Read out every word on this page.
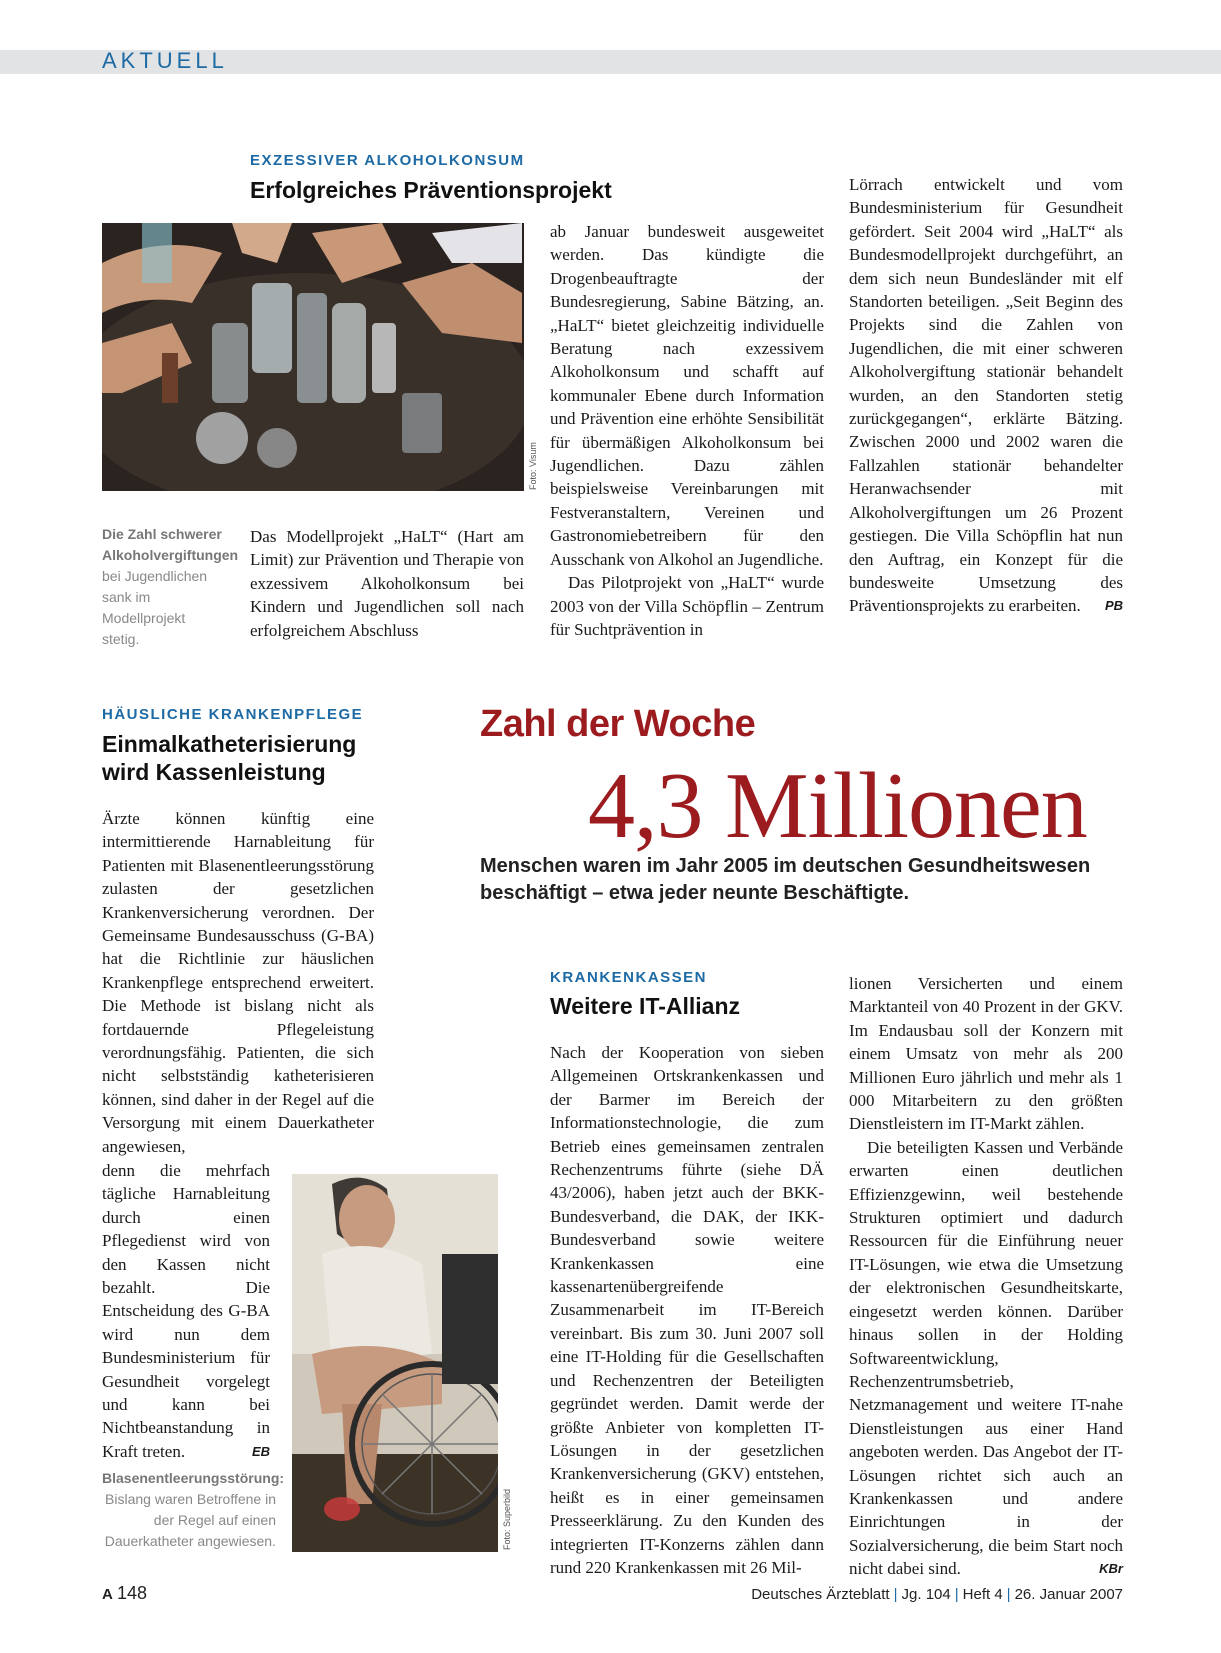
AKTUELL
EXZESSIVER ALKOHOLKONSUM
Erfolgreiches Präventionsprojekt
Foto: Visum
Die Zahl schwerer Alkoholvergiftungen bei Jugendlichen sank im Modellprojekt stetig.

Das Modellprojekt „HaLT“ (Hart am Limit) zur Prävention und Therapie von exzessivem Alkoholkonsum bei Kindern und Jugendlichen soll nach erfolgreichem Abschluss

ab Januar bundesweit ausgeweitet werden. Das kündigte die Drogenbeauftragte der Bundesregierung, Sabine Bätzing, an. „HaLT“ bietet gleichzeitig individuelle Beratung nach exzessivem Alkoholkonsum und schafft auf kommunaler Ebene durch Information und Prävention eine erhöhte Sensibilität für übermäßigen Alkoholkonsum bei Jugendlichen. Dazu zählen beispielsweise Vereinbarungen mit Festveranstaltern, Vereinen und Gastronomiebetreibern für den Ausschank von Alkohol an Jugendliche.

Das Pilotprojekt von „HaLT“ wurde 2003 von der Villa Schöpflin – Zentrum für Suchtprävention in

Lörrach entwickelt und vom Bundesministerium für Gesundheit gefördert. Seit 2004 wird „HaLT“ als Bundesmodellprojekt durchgeführt, an dem sich neun Bundesländer mit elf Standorten beteiligen. „Seit Beginn des Projekts sind die Zahlen von Jugendlichen, die mit einer schweren Alkoholvergiftung stationär behandelt wurden, an den Standorten stetig zurückgegangen“, erklärte Bätzing. Zwischen 2000 und 2002 waren die Fallzahlen stationär behandelter Heranwachsender mit Alkoholvergiftungen um 26 Prozent gestiegen. Die Villa Schöpflin hat nun den Auftrag, ein Konzept für die bundesweite Umsetzung des Präventionsprojekts zu erarbeiten. PB

HÄUSLICHE KRANKENPFLEGE
Einmalkatheterisierung
wird Kassenleistung

Ärzte können künftig eine intermittierende Harnableitung für Patienten mit Blasenentleerungsstörung zulasten der gesetzlichen Krankenversicherung verordnen. Der Gemeinsame Bundesausschuss (G-BA) hat die Richtlinie zur häuslichen Krankenpflege entsprechend erweitert. Die Methode ist bislang nicht als fortdauernde Pflegeleistung verordnungsfähig. Patienten, die sich nicht selbstständig katheterisieren können, sind daher in der Regel auf die Versorgung mit einem Dauerkatheter angewiesen,

denn die mehrfach tägliche Harnableitung durch einen Pflegedienst wird von den Kassen nicht bezahlt. Die Entscheidung des G-BA wird nun dem Bundesministerium für Gesundheit vorgelegt und kann bei Nichtbeanstandung in Kraft treten.	EB

Foto: Superbild
Blasenentleerungsstörung: Bislang waren Betroffene in der Regel auf einen Dauerkatheter angewiesen.
Zahl der Woche
4,3 Millionen
Menschen waren im Jahr 2005 im deutschen Gesundheitswesen beschäftigt – etwa jeder neunte Beschäftigte.
KRANKENKASSEN
Weitere IT-Allianz

Nach der Kooperation von sieben Allgemeinen Ortskrankenkassen und der Barmer im Bereich der Informationstechnologie, die zum Betrieb eines gemeinsamen zentralen Rechenzentrums führte (siehe DÄ 43/2006), haben jetzt auch der BKK-Bundesverband, die DAK, der IKK-Bundesverband sowie weitere Krankenkassen eine kassenartenübergreifende Zusammenarbeit im IT-Bereich vereinbart. Bis zum 30. Juni 2007 soll eine IT-Holding für die Gesellschaften und Rechenzentren der Beteiligten gegründet werden. Damit werde der größte Anbieter von kompletten IT-Lösungen in der gesetzlichen Krankenversicherung (GKV) entstehen, heißt es in einer gemeinsamen Presseerklärung. Zu den Kunden des integrierten IT-Konzerns zählen dann rund 220 Krankenkassen mit 26 Mil-

lionen Versicherten und einem Marktanteil von 40 Prozent in der GKV. Im Endausbau soll der Konzern mit einem Umsatz von mehr als 200 Millionen Euro jährlich und mehr als 1 000 Mitarbeitern zu den größten Dienstleistern im IT-Markt zählen.

Die beteiligten Kassen und Verbände erwarten einen deutlichen Effizienzgewinn, weil bestehende Strukturen optimiert und dadurch Ressourcen für die Einführung neuer IT-Lösungen, wie etwa die Umsetzung der elektronischen Gesundheitskarte, eingesetzt werden können. Darüber hinaus sollen in der Holding Softwareentwicklung, Rechenzentrumsbetrieb, Netzmanagement und weitere IT-nahe Dienstleistungen aus einer Hand angeboten werden. Das Angebot der IT-Lösungen richtet sich auch an Krankenkassen und andere Einrichtungen in der Sozialversicherung, die beim Start noch nicht dabei sind.	KBr

A 148	Deutsches Ärzteblatt | Jg. 104 | Heft 4 | 26. Januar 2007
